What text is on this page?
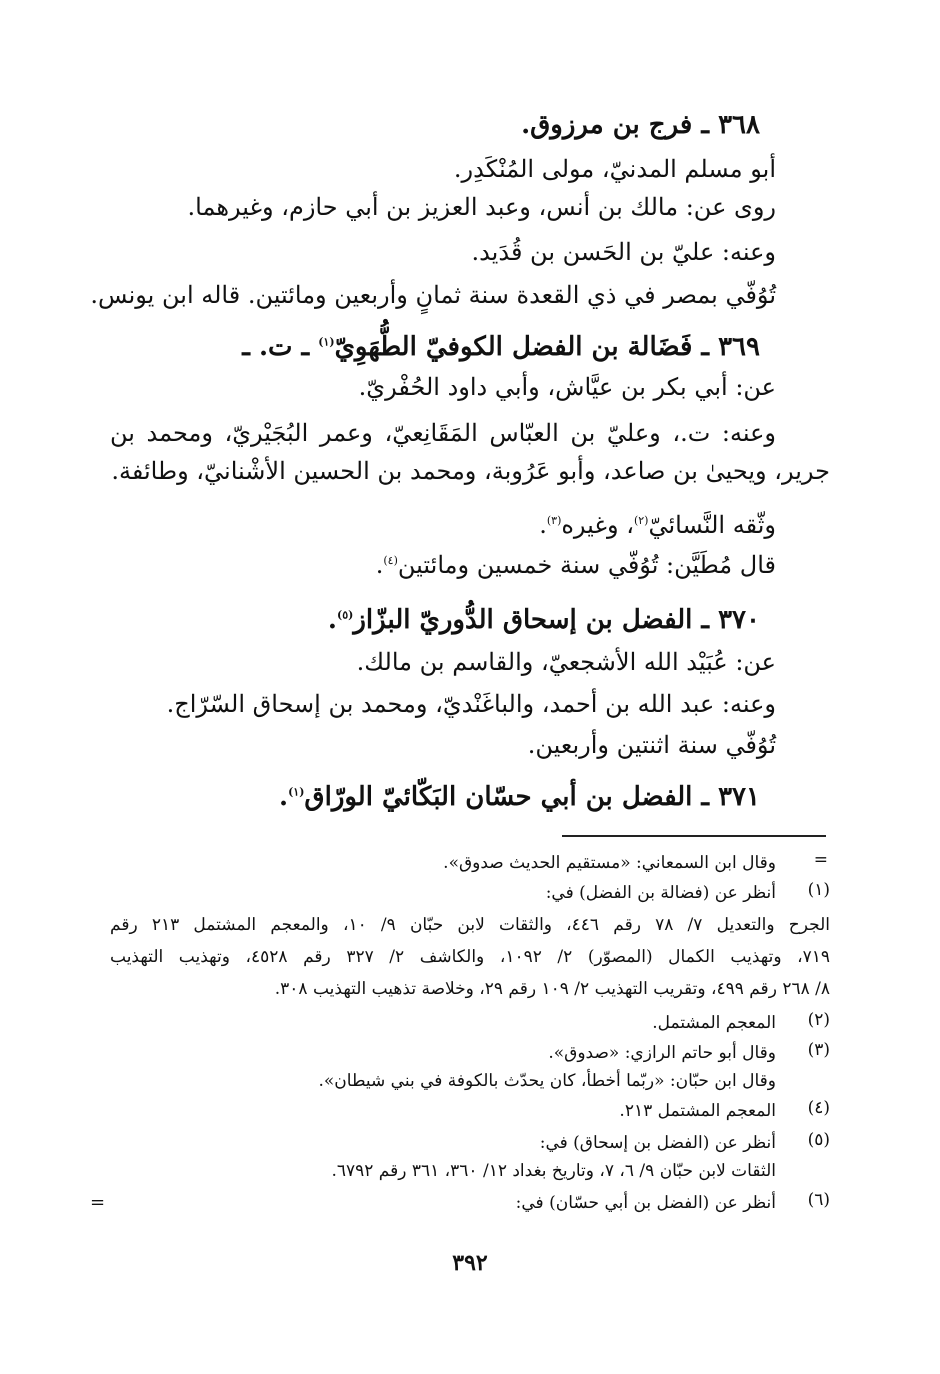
٣٦٨ ـ فرج بن مرزوق.
أبو مسلم المدنيّ، مولى المُنْكَدِر.
روى عن: مالك بن أنس، وعبد العزيز بن أبي حازم، وغيرهما.
وعنه: عليّ بن الحَسن بن قُدَيد.
تُوُفّي بمصر في ذي القعدة سنة ثمانٍ وأربعين ومائتين. قاله ابن يونس.
٣٦٩ ـ فَضَالة بن الفضل الكوفيّ الطُّهَوِيّ$^{(١)}$ ـ ت. ـ
عن: أبي بكر بن عيَّاش، وأبي داود الحُفْريّ.
وعنه: ت.، وعليّ بن العبّاس المَقَانِعيّ، وعمر البُجَيْريّ، ومحمد بن
جرير، ويحيىٰ بن صاعد، وأبو عَرُوبة، ومحمد بن الحسين الأشْنانيّ، وطائفة.
وثّقه النَّسائيّ$^{(٢)}$، وغيره$^{(٣)}$.
قال مُطَيَّن: تُوُفّي سنة خمسين ومائتين$^{(٤)}$.
٣٧٠ ـ الفضل بن إسحاق الدُّوريّ البزّاز$^{(٥)}$.
عن: عُبَيْد الله الأشجعيّ، والقاسم بن مالك.
وعنه: عبد الله بن أحمد، والباغَنْديّ، ومحمد بن إسحاق السّرّاج.
تُوُفّي سنة اثنتين وأربعين.
٣٧١ ـ الفضل بن أبي حسّان البَكّائيّ الورّاق$^{(١)}$.
=
وقال ابن السمعاني: «مستقيم الحديث صدوق».
(١)
أنظر عن (فضالة بن الفضل) في:
الجرح والتعديل ٧/ ٧٨ رقم ٤٤٦، والثقات لابن حبّان ٩/ ١٠، والمعجم المشتمل ٢١٣ رقم
٧١٩، وتهذيب الكمال (المصوّر) ٢/ ١٠٩٢، والكاشف ٢/ ٣٢٧ رقم ٤٥٢٨، وتهذيب التهذيب
٨/ ٢٦٨ رقم ٤٩٩، وتقريب التهذيب ٢/ ١٠٩ رقم ٢٩، وخلاصة تذهيب التهذيب ٣٠٨.
(٢)
المعجم المشتمل.
(٣)
وقال أبو حاتم الرازي: «صدوق».
وقال ابن حبّان: «ربّما أخطأ، كان يحدّث بالكوفة في بني شيطان».
(٤)
المعجم المشتمل ٢١٣.
(٥)
أنظر عن (الفضل بن إسحاق) في:
الثقات لابن حبّان ٩/ ٦، ٧، وتاريخ بغداد ١٢/ ٣٦٠، ٣٦١ رقم ٦٧٩٢.
(٦)
أنظر عن (الفضل بن أبي حسّان) في:
=
٣٩٢
